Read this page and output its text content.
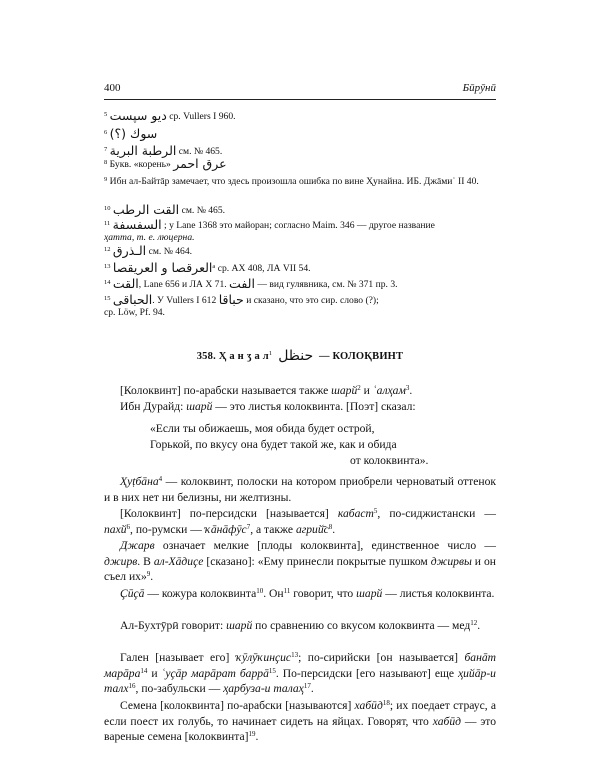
400	Бӣрӯнӣ
$^5$ ديو سپست ср. Vullers I 960.
$^6$ سوك (؟)
$^7$ الرطبة البرية см. № 465.
$^8$ Букв. «корень» عرق احمر
$^9$ Ибн ал-Байтāр замечает, что здесь произошла ошибка по вине Ҳунайна. ИБ. Джāмиʿ II 40.
$^{10}$ القت الرطب см. № 465.
$^{11}$ السفسفة ; у Lane 1368 это майоран; согласно Maim. 346 — другое название
ҳатта, т. е. люцерна.
$^{12}$ الـذرق см. № 464.
$^{13}$ العرقصا و العريقصا$^а$ ср. АХ 408, ЛА VII 54.
$^{14}$ القت, Lane 656 и ЛА Х 71. الفت — вид гулявника, см. № 371 пр. 3.
$^{15}$ الحباقی. У Vullers I 612 حباقا и сказано, что это сир. слово (?);
ср. Löw, Pf. 94.
358. Ҳ а н ӡ а $л^1$ حنظل — КОЛОҚВИНТ
[Колоквинт] по-арабски называется также шарй$^2$ и ʿалҳам$^3$.
Ибн Дурайд: шарй — это листья колоквинта. [Поэт] сказал:
«Если ты обижаешь, моя обида будет острой,
Горькой, по вкусу она будет такой же, как и обида
от колоквинта».
Ҳуṭбāна$^4$ — колоквинт, полоски на котором приобрели черноватый оттенок и в них нет ни белизны, ни желтизны.
[Колоквинт] по-персидски [называется] кабаст$^5$, по-сиджистански — пахй$^6$, по-румски — ҡāнāфӯс$^7$, а также $агрий̄с^8$.
Джарв означает мелкие [плоды колоквинта], единственное число — джирв. В ал-Хāдиҫе [сказано]: «Ему принесли покрытые пушком джирвы и он съел их»$^9$.
Ҫӣҫā — кожура колоквинта$^{10}$. $Он^{11}$ говорит, что шарй — листья колоквинта.
Ал-Бухтӯрӣ говорит: шарй по сравнению со вкусом колоквинта — мед$^{12}$.
Гален [называет его] ҡӯлӯҡинҫис$^{13}$; по-сирийски [он называется] банāт марāра$^{14}$ и ʿуҫāр марāрат баррā$^{15}$. По-персидски [его называют] еще ҳийāр-и талх$^{16}$, по-забульски — ҳарбуза-и талаҳ$^{17}$.
Семена [колоквинта] по-арабски [называются] хабӣд$^{18}$; их поедает страус, а если поест их голубь, то начинает сидеть на яйцах. Говорят, что хабӣд — это вареные семена [колоквинта]$^{19}$.
